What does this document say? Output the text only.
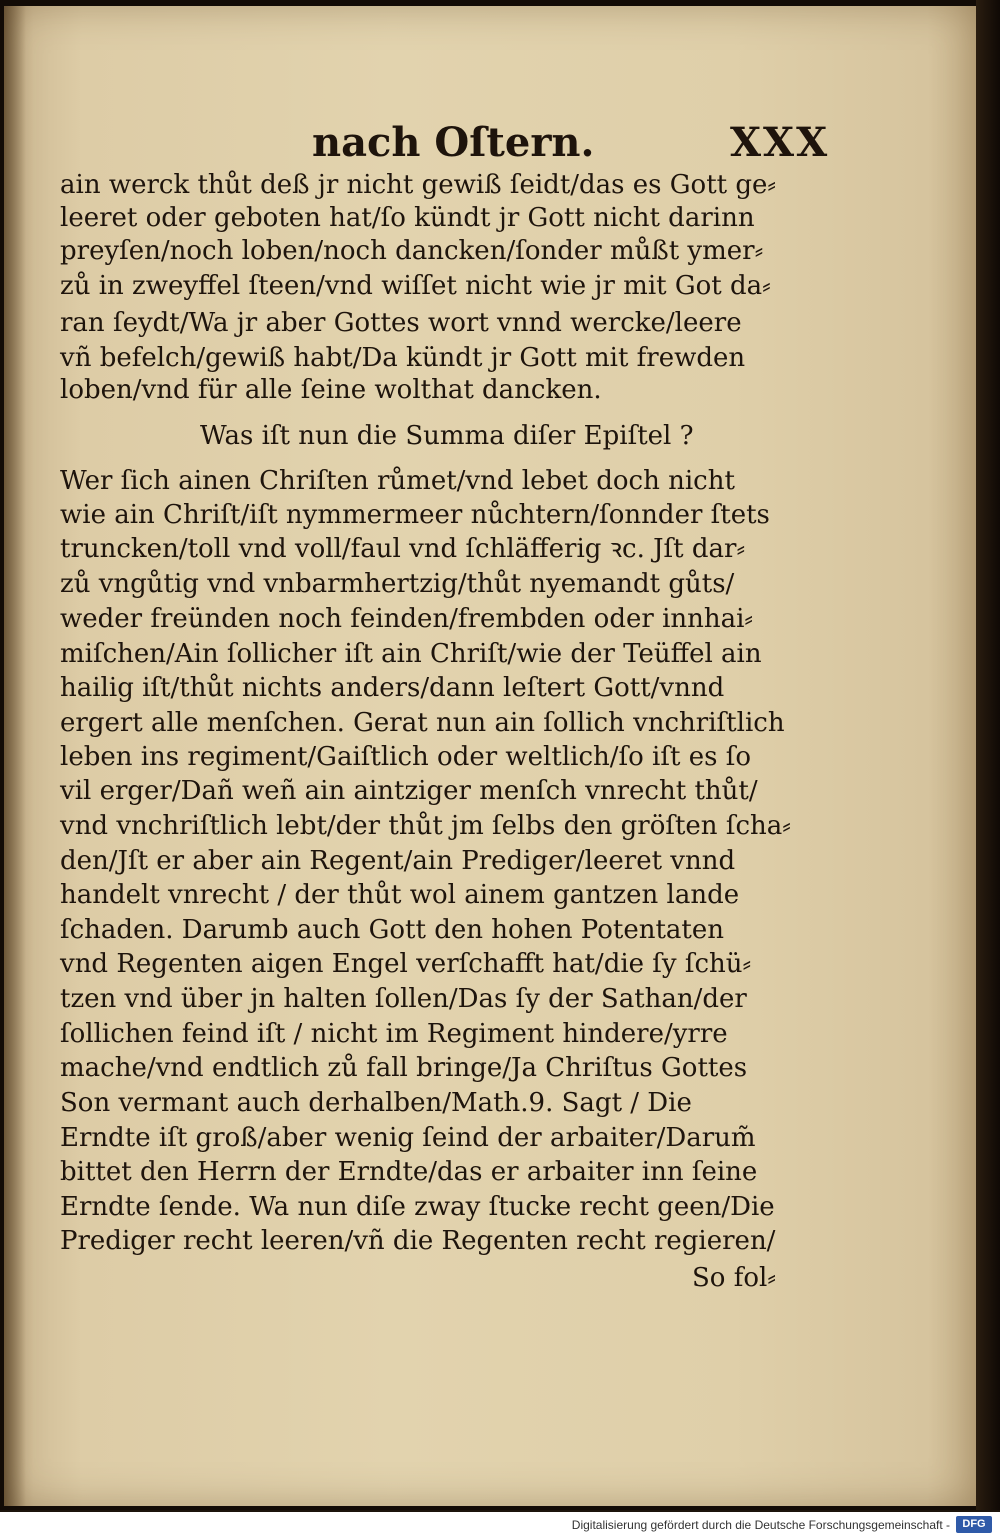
nach Oſtern.	XXX
ain werck thůt deß jr nicht gewiß ſeidt/das es Gott ge⸗
leeret oder geboten hat/ſo kündt jr Gott nicht darinn
preyſen/noch loben/noch dancken/ſonder můßt ymer⸗
zů in zweyffel ſteen/vnd wiſſet nicht wie jr mit Got da⸗
ran ſeydt/Wa jr aber Gottes wort vnnd wercke/leere
vñ befelch/gewiß habt/Da kündt jr Gott mit frewden
loben/vnd für alle ſeine wolthat dancken.
Was iſt nun die Summa diſer Epiſtel ?
Wer ſich ainen Chriſten růmet/vnd lebet doch nicht
wie ain Chriſt/iſt nymmermeer nůchtern/ſonnder ſtets
truncken/toll vnd voll/faul vnd ſchläfferig ꝛc. Jſt dar⸗
zů vngůtig vnd vnbarmhertzig/thůt nyemandt gůts/
weder freünden noch feinden/frembden oder innhai⸗
miſchen/Ain ſollicher iſt ain Chriſt/wie der Teüffel ain
hailig iſt/thůt nichts anders/dann leſtert Gott/vnnd
ergert alle menſchen. Gerat nun ain ſollich vnchriſtlich
leben ins regiment/Gaiſtlich oder weltlich/ſo iſt es ſo
vil erger/Dañ weñ ain aintziger menſch vnrecht thůt/
vnd vnchriſtlich lebt/der thůt jm ſelbs den gröſten ſcha⸗
den/Jſt er aber ain Regent/ain Prediger/leeret vnnd
handelt vnrecht / der thůt wol ainem gantzen lande
ſchaden. Darumb auch Gott den hohen Potentaten
vnd Regenten aigen Engel verſchafft hat/die ſy ſchü⸗
tzen vnd über jn halten ſollen/Das ſy der Sathan/der
ſollichen feind iſt / nicht im Regiment hindere/yrre
mache/vnd endtlich zů fall bringe/Ja Chriſtus Gottes
Son vermant auch derhalben/Math.9. Sagt / Die
Erndte iſt groß/aber wenig ſeind der arbaiter/Darum̃
bittet den Herrn der Erndte/das er arbaiter inn ſeine
Erndte ſende. Wa nun diſe zway ſtucke recht geen/Die
Prediger recht leeren/vñ die Regenten recht regieren/
So fol⸗
Digitalisierung gefördert durch die Deutsche Forschungsgemeinschaft -	DFG
